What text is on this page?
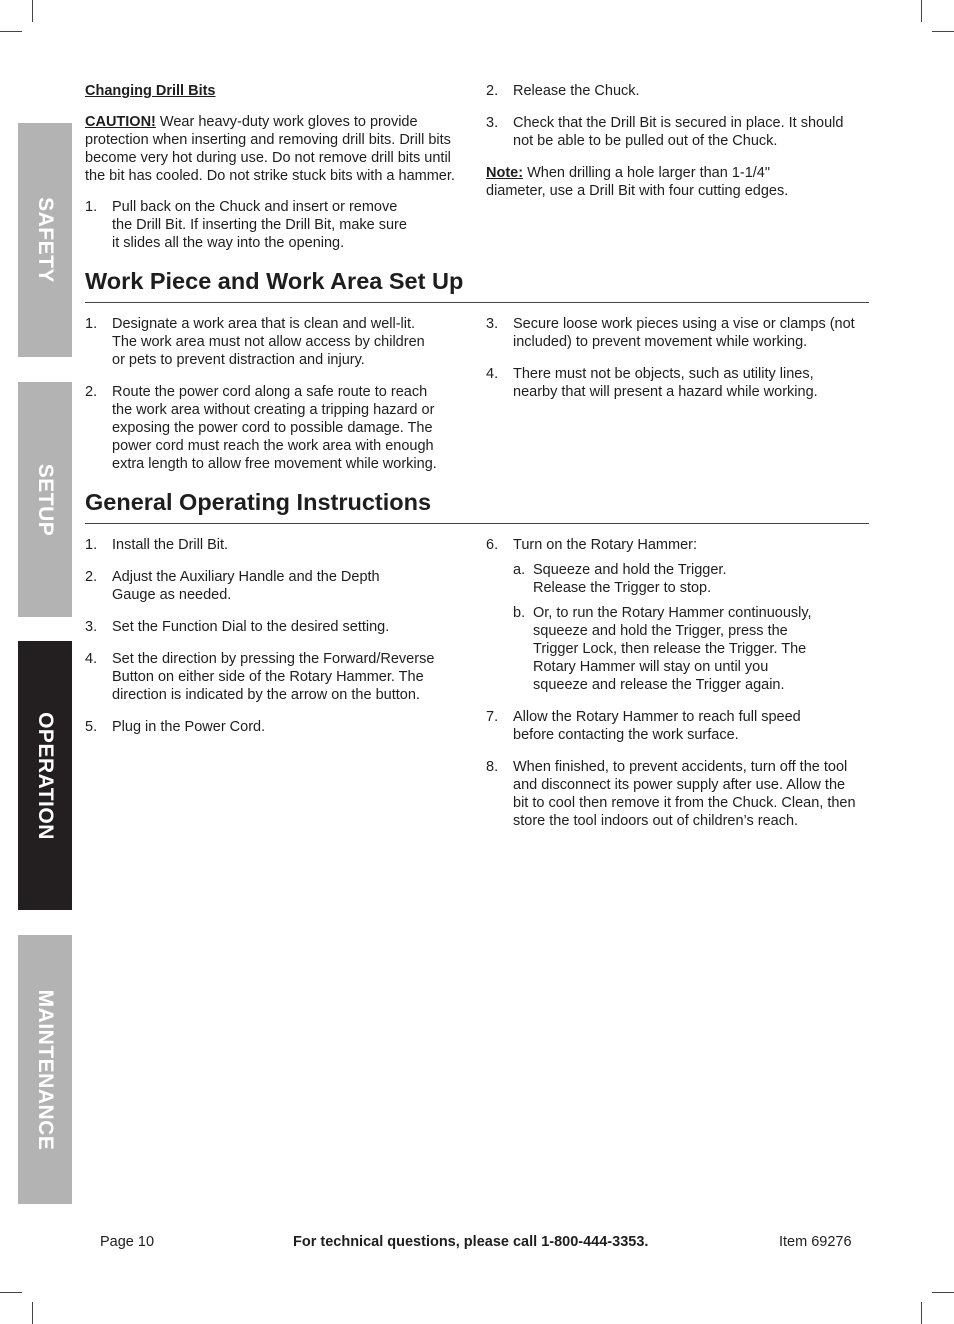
SAFETY
SETUP
OPERATION
MAINTENANCE
Changing Drill Bits
CAUTION! Wear heavy-duty work gloves to provide protection when inserting and removing drill bits. Drill bits become very hot during use. Do not remove drill bits until the bit has cooled. Do not strike stuck bits with a hammer.
1. Pull back on the Chuck and insert or remove the Drill Bit. If inserting the Drill Bit, make sure it slides all the way into the opening.
2. Release the Chuck.
3. Check that the Drill Bit is secured in place. It should not be able to be pulled out of the Chuck.
Note: When drilling a hole larger than 1-1/4" diameter, use a Drill Bit with four cutting edges.
Work Piece and Work Area Set Up
1. Designate a work area that is clean and well-lit. The work area must not allow access by children or pets to prevent distraction and injury.
2. Route the power cord along a safe route to reach the work area without creating a tripping hazard or exposing the power cord to possible damage. The power cord must reach the work area with enough extra length to allow free movement while working.
3. Secure loose work pieces using a vise or clamps (not included) to prevent movement while working.
4. There must not be objects, such as utility lines, nearby that will present a hazard while working.
General Operating Instructions
1. Install the Drill Bit.
2. Adjust the Auxiliary Handle and the Depth Gauge as needed.
3. Set the Function Dial to the desired setting.
4. Set the direction by pressing the Forward/Reverse Button on either side of the Rotary Hammer. The direction is indicated by the arrow on the button.
5. Plug in the Power Cord.
6. Turn on the Rotary Hammer:
a. Squeeze and hold the Trigger. Release the Trigger to stop.
b. Or, to run the Rotary Hammer continuously, squeeze and hold the Trigger, press the Trigger Lock, then release the Trigger. The Rotary Hammer will stay on until you squeeze and release the Trigger again.
7. Allow the Rotary Hammer to reach full speed before contacting the work surface.
8. When finished, to prevent accidents, turn off the tool and disconnect its power supply after use. Allow the bit to cool then remove it from the Chuck. Clean, then store the tool indoors out of children’s reach.
Page 10	For technical questions, please call 1-800-444-3353.	Item 69276
